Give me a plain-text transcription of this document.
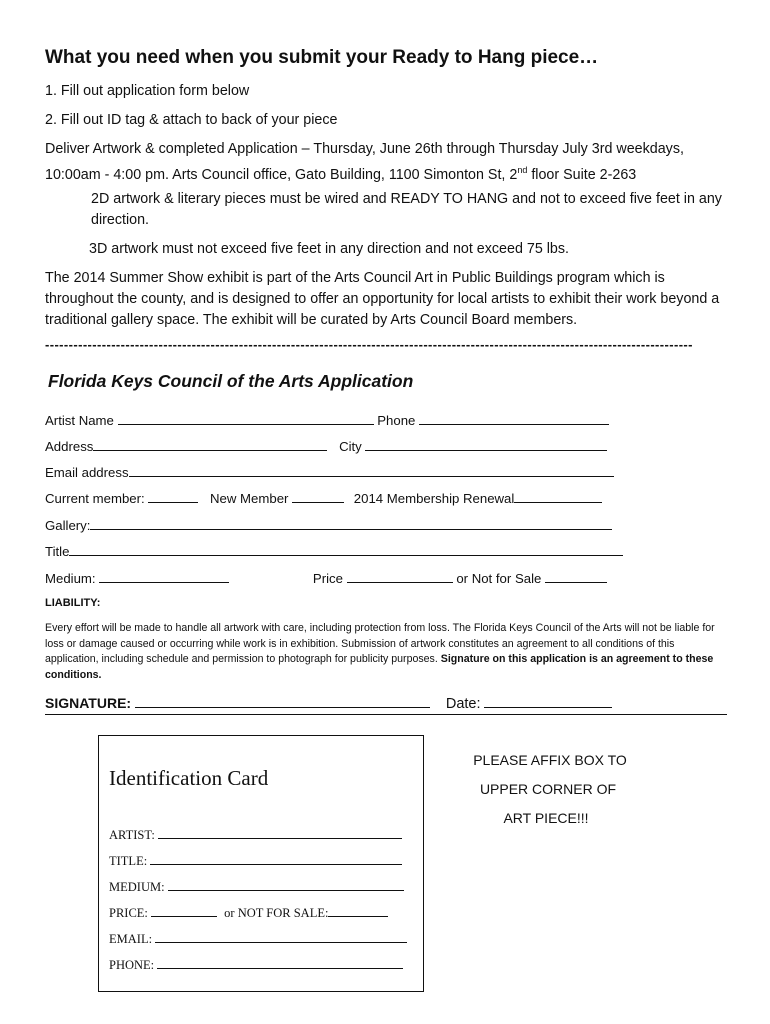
What you need when you submit your Ready to Hang piece…
1. Fill out application form below
2. Fill out ID tag & attach to back of your piece
Deliver Artwork & completed Application – Thursday, June 26th through Thursday July 3rd weekdays,
10:00am - 4:00 pm. Arts Council office, Gato Building, 1100 Simonton St, 2nd floor Suite 2-263
2D artwork & literary pieces must be wired and READY TO HANG and not to exceed five feet in any direction.
3D artwork must not exceed five feet in any direction and not exceed 75 lbs.
The 2014 Summer Show exhibit is part of the Arts Council Art in Public Buildings program which is throughout the county, and is designed to offer an opportunity for local artists to exhibit their work beyond a traditional gallery space. The exhibit will be curated by Arts Council Board members.
-----------------------------------------------------------------------------------------------------------------------------------------
Florida Keys Council of the Arts Application
Artist Name	Phone
Address	City
Email address
Current member:	New Member	2014 Membership Renewal
Gallery:
Title
Medium:	Price	or Not for Sale
LIABILITY:
Every effort will be made to handle all artwork with care, including protection from loss. The Florida Keys Council of the Arts will not be liable for loss or damage caused or occurring while work is in exhibition. Submission of artwork constitutes an agreement to all conditions of this application, including schedule and permission to photograph for publicity purposes. Signature on this application is an agreement to these conditions.
SIGNATURE:	Date:
Identification Card
ARTIST:
TITLE:
MEDIUM:
PRICE:	or NOT FOR SALE:
EMAIL:
PHONE:
PLEASE AFFIX BOX TO
UPPER CORNER OF
ART PIECE!!!
